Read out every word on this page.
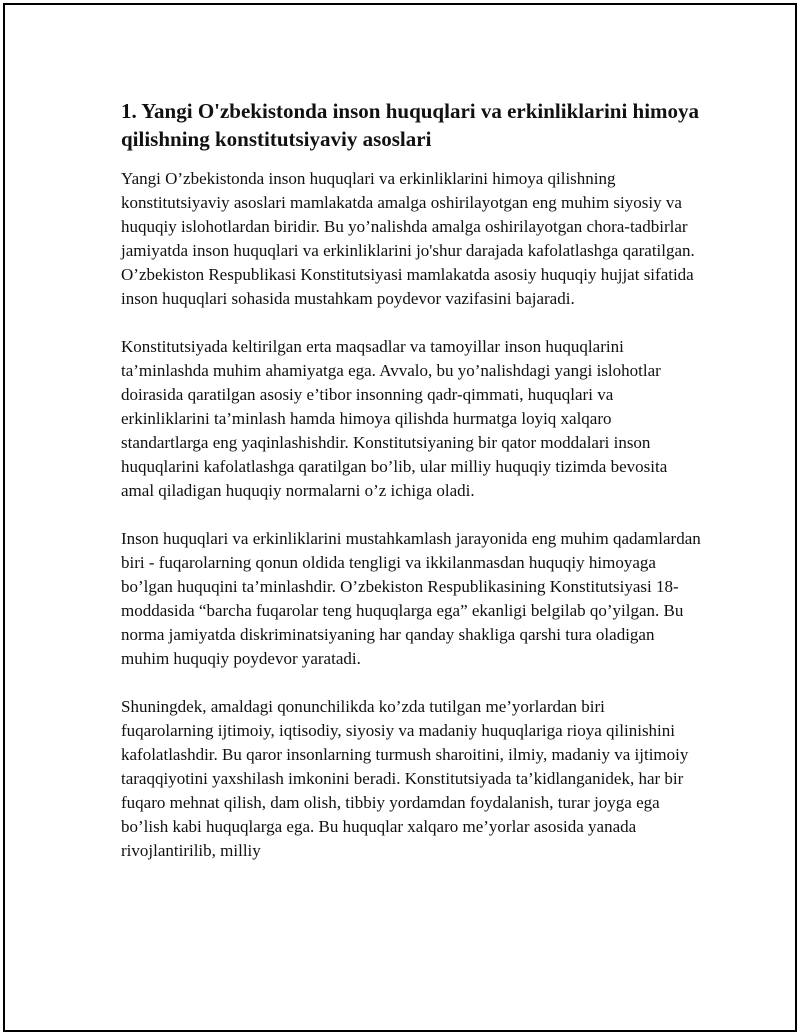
1. Yangi O'zbekistonda inson huquqlari va erkinliklarini himoya qilishning konstitutsiyaviy asoslari

Yangi O’zbekistonda inson huquqlari va erkinliklarini himoya qilishning konstitutsiyaviy asoslari mamlakatda amalga oshirilayotgan eng muhim siyosiy va huquqiy islohotlardan biridir. Bu yo’nalishda amalga oshirilayotgan chora-tadbirlar jamiyatda inson huquqlari va erkinliklarini jo'shur darajada kafolatlashga qaratilgan. O’zbekiston Respublikasi Konstitutsiyasi mamlakatda asosiy huquqiy hujjat sifatida inson huquqlari sohasida mustahkam poydevor vazifasini bajaradi.

Konstitutsiyada keltirilgan erta maqsadlar va tamoyillar inson huquqlarini ta’minlashda muhim ahamiyatga ega. Avvalo, bu yo’nalishdagi yangi islohotlar doirasida qaratilgan asosiy e’tibor insonning qadr-qimmati, huquqlari va erkinliklarini ta’minlash hamda himoya qilishda hurmatga loyiq xalqaro standartlarga eng yaqinlashishdir. Konstitutsiyaning bir qator moddalari inson huquqlarini kafolatlashga qaratilgan bo’lib, ular milliy huquqiy tizimda bevosita amal qiladigan huquqiy normalarni o’z ichiga oladi.

Inson huquqlari va erkinliklarini mustahkamlash jarayonida eng muhim qadamlardan biri - fuqarolarning qonun oldida tengligi va ikkilanmasdan huquqiy himoyaga bo’lgan huquqini ta’minlashdir. O’zbekiston Respublikasining Konstitutsiyasi 18-moddasida “barcha fuqarolar teng huquqlarga ega” ekanligi belgilab qo’yilgan. Bu norma jamiyatda diskriminatsiyaning har qanday shakliga qarshi tura oladigan muhim huquqiy poydevor yaratadi.

Shuningdek, amaldagi qonunchilikda ko’zda tutilgan me’yorlardan biri fuqarolarning ijtimoiy, iqtisodiy, siyosiy va madaniy huquqlariga rioya qilinishini kafolatlashdir. Bu qaror insonlarning turmush sharoitini, ilmiy, madaniy va ijtimoiy taraqqiyotini yaxshilash imkonini beradi. Konstitutsiyada ta’kidlanganidek, har bir fuqaro mehnat qilish, dam olish, tibbiy yordamdan foydalanish, turar joyga ega bo’lish kabi huquqlarga ega. Bu huquqlar xalqaro me’yorlar asosida yanada rivojlantirilib, milliy
